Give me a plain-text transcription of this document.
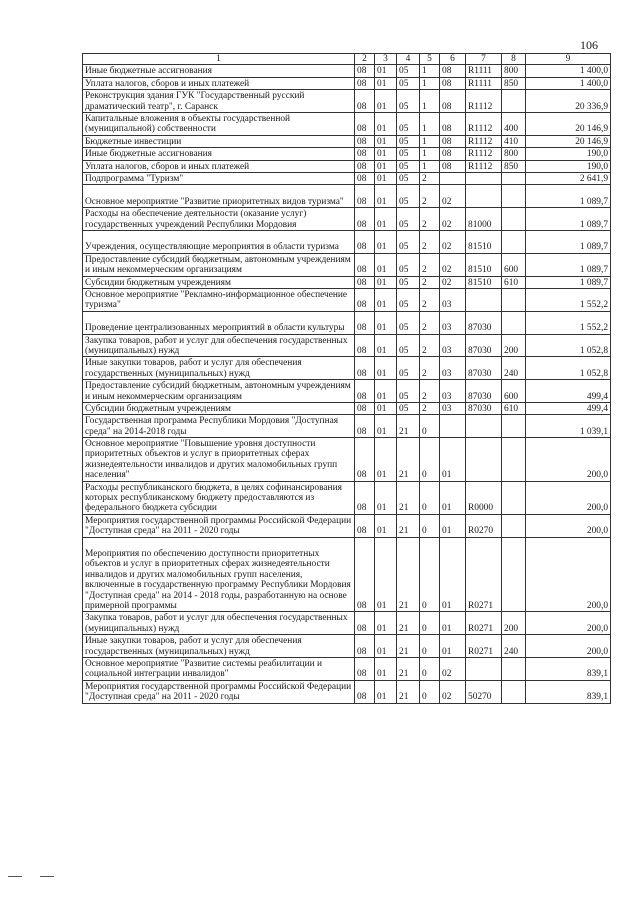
106
1	2	3	4	5	6	7	8	9
Иные бюджетные ассигнования	08	01	05	1	08	R1111	800	1 400,0
Уплата налогов, сборов и иных платежей	08	01	05	1	08	R1111	850	1 400,0
Реконструкция здания ГУК "Государственный русский драматический театр", г. Саранск	08	01	05	1	08	R1112		20 336,9
Капитальные вложения в объекты государственной (муниципальной) собственности	08	01	05	1	08	R1112	400	20 146,9
Бюджетные инвестиции	08	01	05	1	08	R1112	410	20 146,9
Иные бюджетные ассигнования	08	01	05	1	08	R1112	800	190,0
Уплата налогов, сборов и иных платежей	08	01	05	1	08	R1112	850	190,0
Подпрограмма "Туризм"	08	01	05	2				2 641,9
Основное мероприятие "Развитие приоритетных видов туризма"	08	01	05	2	02			1 089,7
Расходы на обеспечение деятельности (оказание услуг) государственных учреждений Республики Мордовия	08	01	05	2	02	81000		1 089,7
Учреждения, осуществляющие мероприятия в области туризма	08	01	05	2	02	81510		1 089,7
Предоставление субсидий бюджетным, автономным учреждениям и иным некоммерческим организациям	08	01	05	2	02	81510	600	1 089,7
Субсидии бюджетным учреждениям	08	01	05	2	02	81510	610	1 089,7
Основное мероприятие "Рекламно-информационное обеспечение туризма"	08	01	05	2	03			1 552,2
Проведение централизованных мероприятий в области культуры	08	01	05	2	03	87030		1 552,2
Закупка товаров, работ и услуг для обеспечения государственных (муниципальных) нужд	08	01	05	2	03	87030	200	1 052,8
Иные закупки товаров, работ и услуг для обеспечения государственных (муниципальных) нужд	08	01	05	2	03	87030	240	1 052,8
Предоставление субсидий бюджетным, автономным учреждениям и иным некоммерческим организациям	08	01	05	2	03	87030	600	499,4
Субсидии бюджетным учреждениям	08	01	05	2	03	87030	610	499,4
Государственная программа Республики Мордовия "Доступная среда" на 2014-2018 годы	08	01	21	0				1 039,1
Основное мероприятие "Повышение уровня доступности приоритетных объектов и услуг в приоритетных сферах жизнедеятельности инвалидов и других маломобильных групп населения"	08	01	21	0	01			200,0
Расходы республиканского бюджета, в целях софинансирования которых республиканскому бюджету предоставляются из федерального бюджета субсидии	08	01	21	0	01	R0000		200,0
Мероприятия государственной программы Российской Федерации "Доступная среда" на 2011 - 2020 годы	08	01	21	0	01	R0270		200,0
Мероприятия по обеспечению доступности приоритетных объектов и услуг в приоритетных сферах жизнедеятельности инвалидов и других маломобильных групп населения, включенные в государственную программу Республики Мордовия "Доступная среда" на 2014 - 2018 годы, разработанную на основе примерной программы	08	01	21	0	01	R0271		200,0
Закупка товаров, работ и услуг для обеспечения государственных (муниципальных) нужд	08	01	21	0	01	R0271	200	200,0
Иные закупки товаров, работ и услуг для обеспечения государственных (муниципальных) нужд	08	01	21	0	01	R0271	240	200,0
Основное мероприятие "Развитие системы реабилитации и социальной интеграции инвалидов"	08	01	21	0	02			839,1
Мероприятия государственной программы Российской Федерации "Доступная среда" на 2011 - 2020 годы	08	01	21	0	02	50270		839,1
